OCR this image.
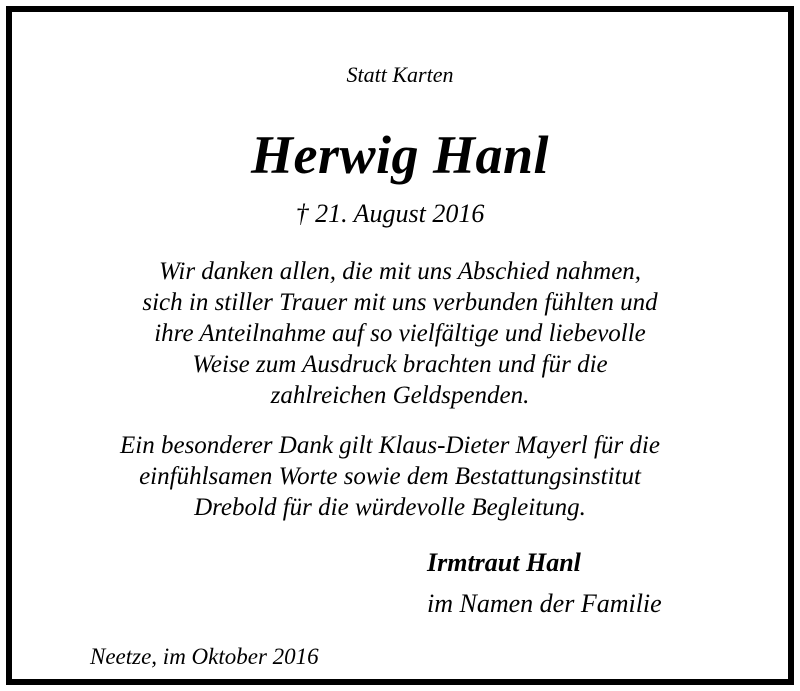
Statt Karten

Herwig Hanl

† 21. August 2016

Wir danken allen, die mit uns Abschied nahmen,
sich in stiller Trauer mit uns verbunden fühlten und
ihre Anteilnahme auf so vielfältige und liebevolle
Weise zum Ausdruck brachten und für die
zahlreichen Geldspenden.
Ein besonderer Dank gilt Klaus-Dieter Mayerl für die
einfühlsamen Worte sowie dem Bestattungsinstitut
Drebold für die würdevolle Begleitung.

Irmtraut Hanl

im Namen der Familie

Neetze, im Oktober 2016
